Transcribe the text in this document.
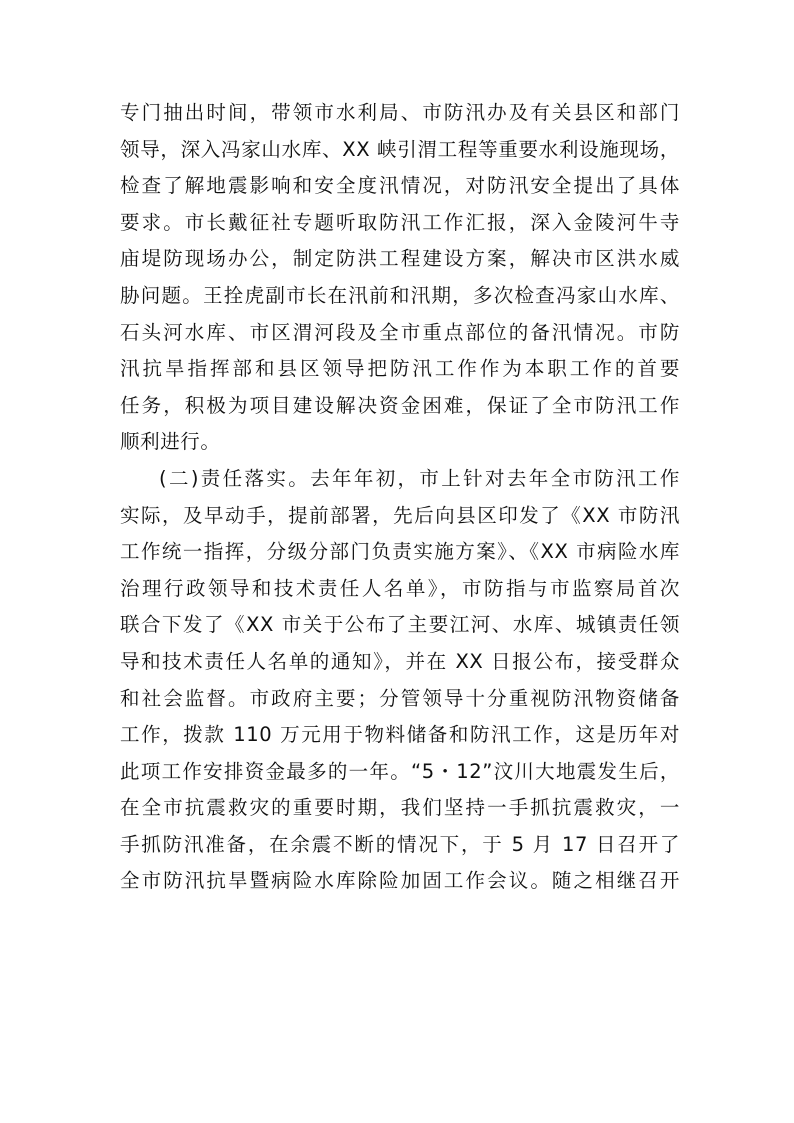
专门抽出时间，带领市水利局、市防汛办及有关县区和部门
领导，深入冯家山水库、XX 峡引渭工程等重要水利设施现场，
检查了解地震影响和安全度汛情况，对防汛安全提出了具体
要求。市长戴征社专题听取防汛工作汇报，深入金陵河牛寺
庙堤防现场办公，制定防洪工程建设方案，解决市区洪水威
胁问题。王拴虎副市长在汛前和汛期，多次检查冯家山水库、
石头河水库、市区渭河段及全市重点部位的备汛情况。市防
汛抗旱指挥部和县区领导把防汛工作作为本职工作的首要
任务，积极为项目建设解决资金困难，保证了全市防汛工作
顺利进行。
(二)责任落实。去年年初，市上针对去年全市防汛工作
实际，及早动手，提前部署，先后向县区印发了《XX 市防汛
工作统一指挥，分级分部门负责实施方案》、《XX 市病险水库
治理行政领导和技术责任人名单》，市防指与市监察局首次
联合下发了《XX 市关于公布了主要江河、水库、城镇责任领
导和技术责任人名单的通知》，并在 XX 日报公布，接受群众
和社会监督。市政府主要；分管领导十分重视防汛物资储备
工作，拨款 110 万元用于物料储备和防汛工作，这是历年对
此项工作安排资金最多的一年。“5・12”汶川大地震发生后，
在全市抗震救灾的重要时期，我们坚持一手抓抗震救灾，一
手抓防汛准备，在余震不断的情况下，于 5 月 17 日召开了
全市防汛抗旱暨病险水库除险加固工作会议。随之相继召开
